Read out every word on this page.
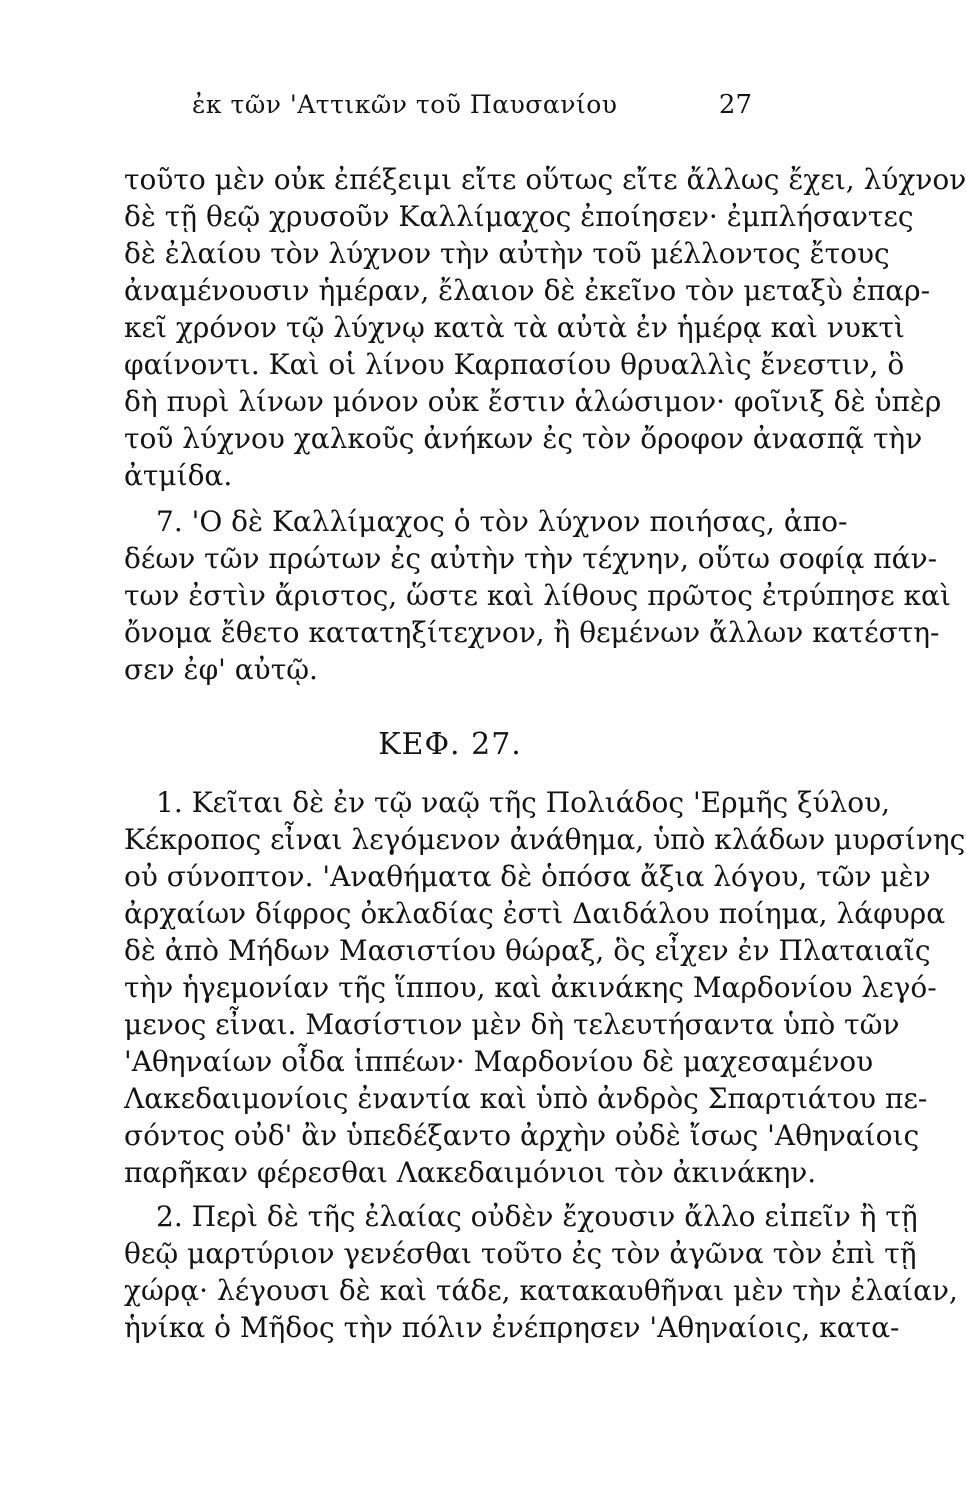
ἐκ τῶν 'Αττικῶν τοῦ Παυσανίου	27
τοῦτο μὲν οὐκ ἐπέξειμι εἴτε οὕτως εἴτε ἄλλως ἔχει, λύχνον
δὲ τῇ θεῷ χρυσοῦν Καλλίμαχος ἐποίησεν· ἐμπλήσαντες
δὲ ἐλαίου τὸν λύχνον τὴν αὐτὴν τοῦ μέλλοντος ἔτους
ἀναμένουσιν ἡμέραν, ἔλαιον δὲ ἐκεῖνο τὸν μεταξὺ ἐπαρ-
κεῖ χρόνον τῷ λύχνῳ κατὰ τὰ αὐτὰ ἐν ἡμέρᾳ καὶ νυκτὶ
φαίνοντι. Καὶ οἱ λίνου Καρπασίου θρυαλλὶς ἔνεστιν, ὃ
δὴ πυρὶ λίνων μόνον οὐκ ἔστιν ἁλώσιμον· φοῖνιξ δὲ ὑπὲρ
τοῦ λύχνου χαλκοῦς ἀνήκων ἐς τὸν ὄροφον ἀνασπᾷ τὴν
ἀτμίδα.
7. 'Ο δὲ Καλλίμαχος ὁ τὸν λύχνον ποιήσας, ἀπο-
δέων τῶν πρώτων ἐς αὐτὴν τὴν τέχνην, οὕτω σοφίᾳ πάν-
των ἐστὶν ἄριστος, ὥστε καὶ λίθους πρῶτος ἐτρύπησε καὶ
ὄνομα ἔθετο κατατηξίτεχνον, ἢ θεμένων ἄλλων κατέστη-
σεν ἐφ' αὐτῷ.
ΚΕΦ. 27.
1. Κεῖται δὲ ἐν τῷ ναῷ τῆς Πολιάδος 'Ερμῆς ξύλου,
Κέκροπος εἶναι λεγόμενον ἀνάθημα, ὑπὸ κλάδων μυρσίνης
οὐ σύνοπτον. 'Αναθήματα δὲ ὁπόσα ἄξια λόγου, τῶν μὲν
ἀρχαίων δίφρος ὀκλαδίας ἐστὶ Δαιδάλου ποίημα, λάφυρα
δὲ ἀπὸ Μήδων Μασιστίου θώραξ, ὃς εἶχεν ἐν Πλαταιαῖς
τὴν ἡγεμονίαν τῆς ἵππου, καὶ ἀκινάκης Μαρδονίου λεγό-
μενος εἶναι. Μασίστιον μὲν δὴ τελευτήσαντα ὑπὸ τῶν
'Αθηναίων οἶδα ἱππέων· Μαρδονίου δὲ μαχεσαμένου
Λακεδαιμονίοις ἐναντία καὶ ὑπὸ ἀνδρὸς Σπαρτιάτου πε-
σόντος οὐδ' ἂν ὑπεδέξαντο ἀρχὴν οὐδὲ ἴσως 'Αθηναίοις
παρῆκαν φέρεσθαι Λακεδαιμόνιοι τὸν ἀκινάκην.
2. Περὶ δὲ τῆς ἐλαίας οὐδὲν ἔχουσιν ἄλλο εἰπεῖν ἢ τῇ
θεῷ μαρτύριον γενέσθαι τοῦτο ἐς τὸν ἀγῶνα τὸν ἐπὶ τῇ
χώρᾳ· λέγουσι δὲ καὶ τάδε, κατακαυθῆναι μὲν τὴν ἐλαίαν,
ἡνίκα ὁ Μῆδος τὴν πόλιν ἐνέπρησεν 'Αθηναίοις, κατα-
